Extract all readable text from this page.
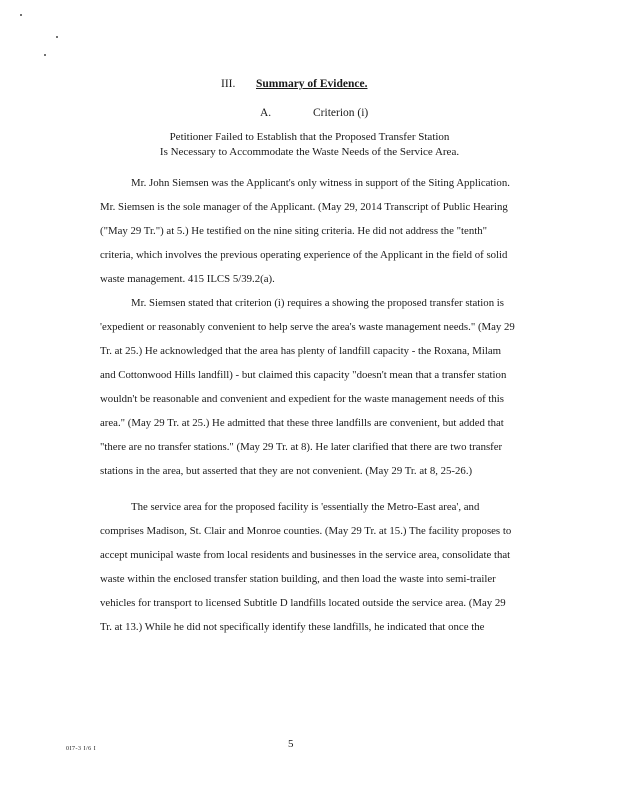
III. Summary of Evidence.
A.	Criterion (i)
Petitioner Failed to Establish that the Proposed Transfer Station
Is Necessary to Accommodate the Waste Needs of the Service Area.
Mr. John Siemsen was the Applicant's only witness in support of the Siting Application.
Mr. Siemsen is the sole manager of the Applicant. (May 29, 2014 Transcript of Public Hearing
("May 29 Tr.") at 5.) He testified on the nine siting criteria. He did not address the "tenth"
criteria, which involves the previous operating experience of the Applicant in the field of solid
waste management. 415 ILCS 5/39.2(a).
Mr. Siemsen stated that criterion (i) requires a showing the proposed transfer station is
'expedient or reasonably convenient to help serve the area's waste management needs." (May 29
Tr. at 25.) He acknowledged that the area has plenty of landfill capacity - the Roxana, Milam
and Cottonwood Hills landfill) - but claimed this capacity "doesn't mean that a transfer station
wouldn't be reasonable and convenient and expedient for the waste management needs of this
area." (May 29 Tr. at 25.) He admitted that these three landfills are convenient, but added that
"there are no transfer stations." (May 29 Tr. at 8). He later clarified that there are two transfer
stations in the area, but asserted that they are not convenient. (May 29 Tr. at 8, 25-26.)
The service area for the proposed facility is 'essentially the Metro-East area', and
comprises Madison, St. Clair and Monroe counties. (May 29 Tr. at 15.) The facility proposes to
accept municipal waste from local residents and businesses in the service area, consolidate that
waste within the enclosed transfer station building, and then load the waste into semi-trailer
vehicles for transport to licensed Subtitle D landfills located outside the service area. (May 29
Tr. at 13.) While he did not specifically identify these landfills, he indicated that once the
0I7-3 I/6 I	5
